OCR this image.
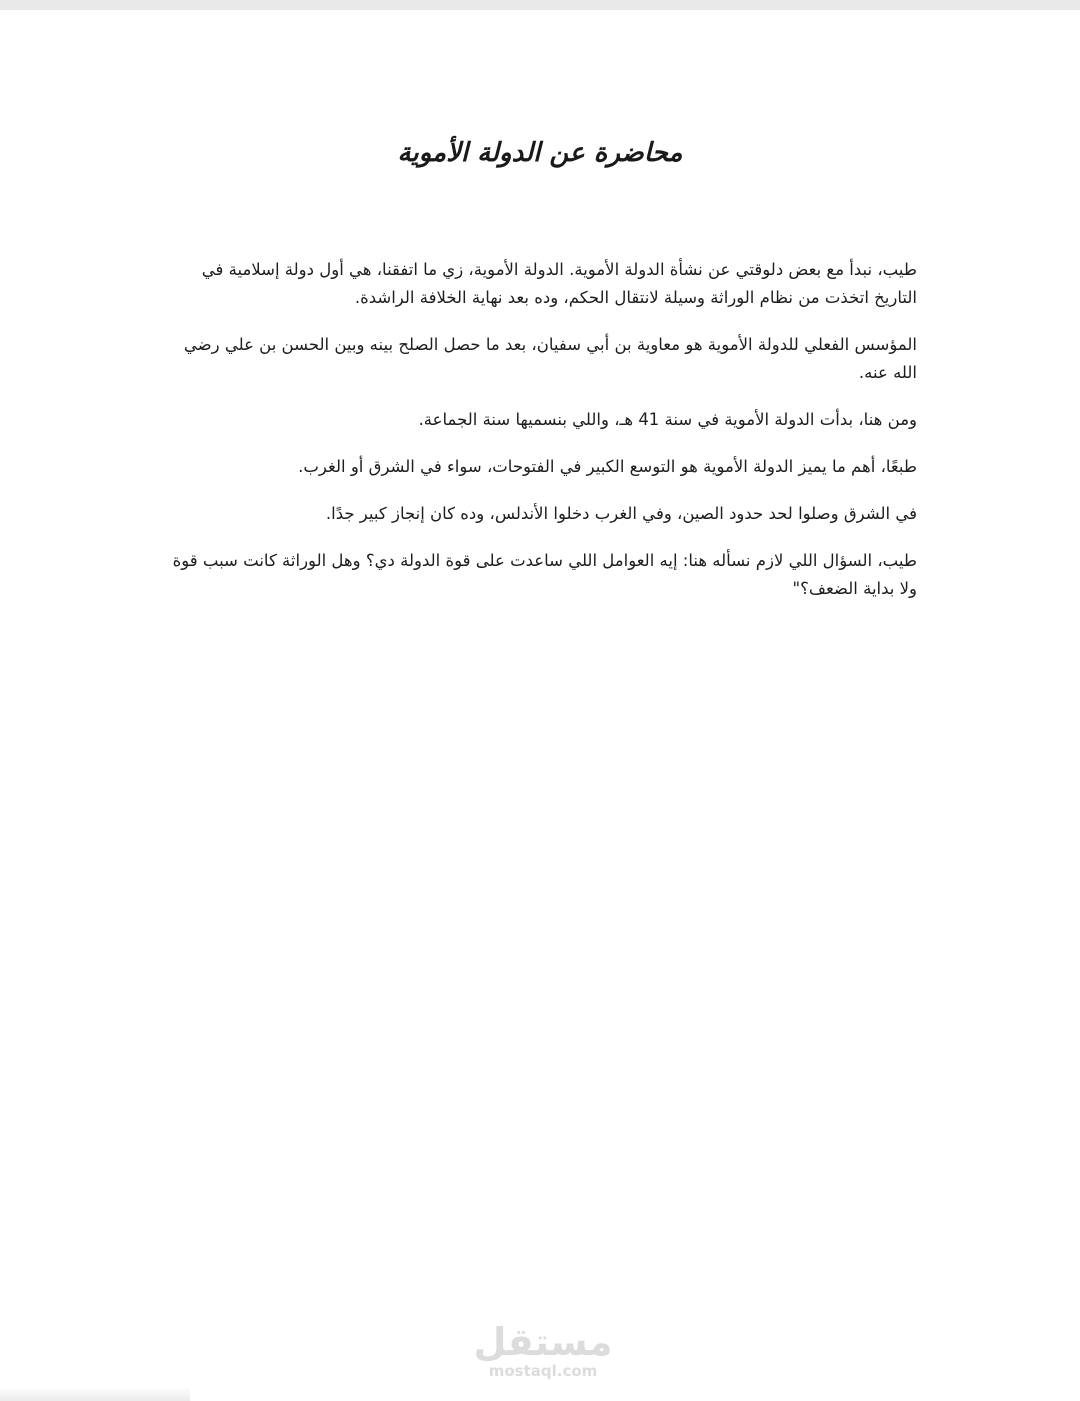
محاضرة عن الدولة الأموية

طيب، نبدأ مع بعض دلوقتي عن نشأة الدولة الأموية. الدولة الأموية، زي ما اتفقنا، هي أول دولة إسلامية في التاريخ اتخذت من نظام الوراثة وسيلة لانتقال الحكم، وده بعد نهاية الخلافة الراشدة.

المؤسس الفعلي للدولة الأموية هو معاوية بن أبي سفيان، بعد ما حصل الصلح بينه وبين الحسن بن علي رضي الله عنه.

ومن هنا، بدأت الدولة الأموية في سنة 41 هـ، واللي بنسميها سنة الجماعة.

طبعًا، أهم ما يميز الدولة الأموية هو التوسع الكبير في الفتوحات، سواء في الشرق أو الغرب.

في الشرق وصلوا لحد حدود الصين، وفي الغرب دخلوا الأندلس، وده كان إنجاز كبير جدًا.

طيب، السؤال اللي لازم نسأله هنا: إيه العوامل اللي ساعدت على قوة الدولة دي؟ وهل الوراثة كانت سبب قوة ولا بداية الضعف؟"

مستقل
mostaql.com
